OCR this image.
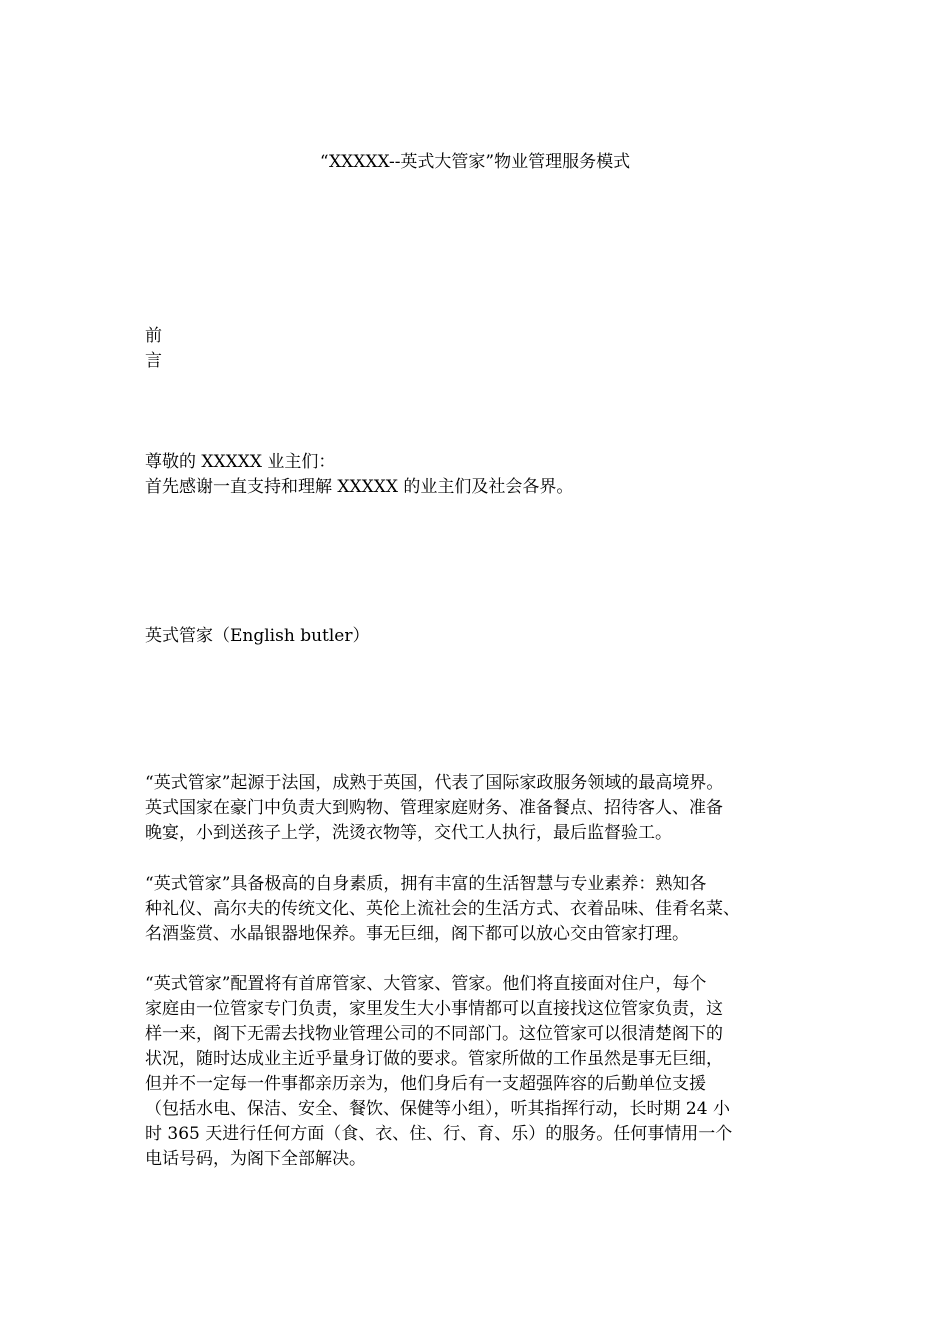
“XXXXX--英式大管家”物业管理服务模式
前
言
尊敬的 XXXXX 业主们：
首先感谢一直支持和理解 XXXXX 的业主们及社会各界。
英式管家（English butler）
“英式管家”起源于法国，成熟于英国，代表了国际家政服务领域的最高境界。
英式国家在豪门中负责大到购物、管理家庭财务、准备餐点、招待客人、准备
晚宴，小到送孩子上学，洗烫衣物等，交代工人执行，最后监督验工。
“英式管家”具备极高的自身素质，拥有丰富的生活智慧与专业素养：熟知各
种礼仪、高尔夫的传统文化、英伦上流社会的生活方式、衣着品味、佳肴名菜、
名酒鉴赏、水晶银器地保养。事无巨细，阁下都可以放心交由管家打理。
“英式管家”配置将有首席管家、大管家、管家。他们将直接面对住户，每个
家庭由一位管家专门负责，家里发生大小事情都可以直接找这位管家负责，这
样一来，阁下无需去找物业管理公司的不同部门。这位管家可以很清楚阁下的
状况，随时达成业主近乎量身订做的要求。管家所做的工作虽然是事无巨细，
但并不一定每一件事都亲历亲为，他们身后有一支超强阵容的后勤单位支援
（包括水电、保洁、安全、餐饮、保健等小组），听其指挥行动，长时期 24 小
时 365 天进行任何方面（食、衣、住、行、育、乐）的服务。任何事情用一个
电话号码，为阁下全部解决。
